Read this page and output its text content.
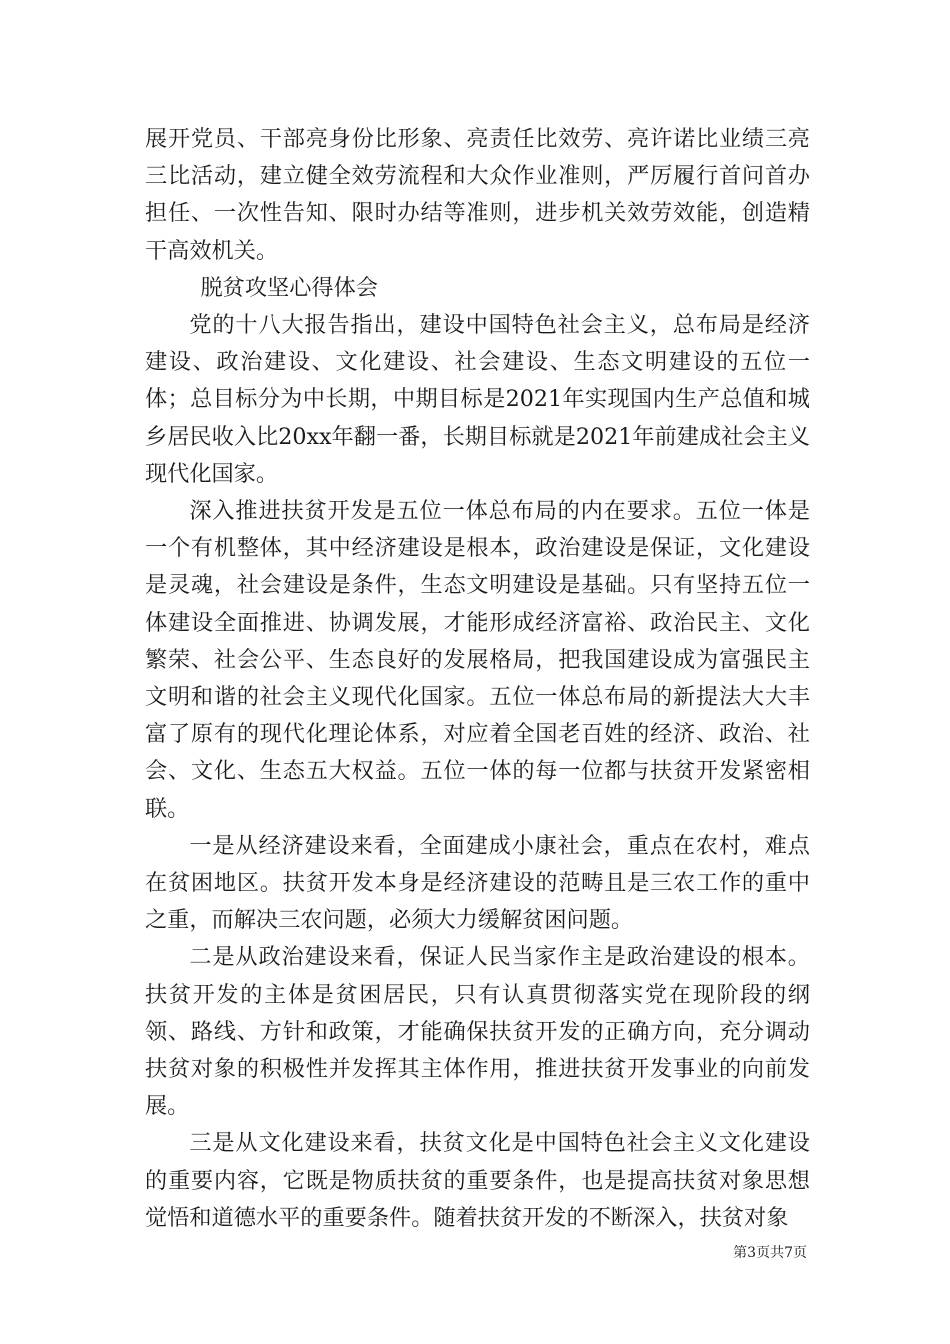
展开党员、干部亮身份比形象、亮责任比效劳、亮许诺比业绩三亮三比活动，建立健全效劳流程和大众作业准则，严厉履行首问首办担任、一次性告知、限时办结等准则，进步机关效劳效能，创造精干高效机关。

脱贫攻坚心得体会

党的十八大报告指出，建设中国特色社会主义，总布局是经济建设、政治建设、文化建设、社会建设、生态文明建设的五位一体；总目标分为中长期，中期目标是2021年实现国内生产总值和城乡居民收入比20xx年翻一番，长期目标就是2021年前建成社会主义现代化国家。

深入推进扶贫开发是五位一体总布局的内在要求。五位一体是一个有机整体，其中经济建设是根本，政治建设是保证，文化建设是灵魂，社会建设是条件，生态文明建设是基础。只有坚持五位一体建设全面推进、协调发展，才能形成经济富裕、政治民主、文化繁荣、社会公平、生态良好的发展格局，把我国建设成为富强民主文明和谐的社会主义现代化国家。五位一体总布局的新提法大大丰富了原有的现代化理论体系，对应着全国老百姓的经济、政治、社会、文化、生态五大权益。五位一体的每一位都与扶贫开发紧密相联。

一是从经济建设来看，全面建成小康社会，重点在农村，难点在贫困地区。扶贫开发本身是经济建设的范畴且是三农工作的重中之重，而解决三农问题，必须大力缓解贫困问题。

二是从政治建设来看，保证人民当家作主是政治建设的根本。扶贫开发的主体是贫困居民，只有认真贯彻落实党在现阶段的纲领、路线、方针和政策，才能确保扶贫开发的正确方向，充分调动扶贫对象的积极性并发挥其主体作用，推进扶贫开发事业的向前发展。

三是从文化建设来看，扶贫文化是中国特色社会主义文化建设的重要内容，它既是物质扶贫的重要条件，也是提高扶贫对象思想觉悟和道德水平的重要条件。随着扶贫开发的不断深入，扶贫对象

第3页共7页
